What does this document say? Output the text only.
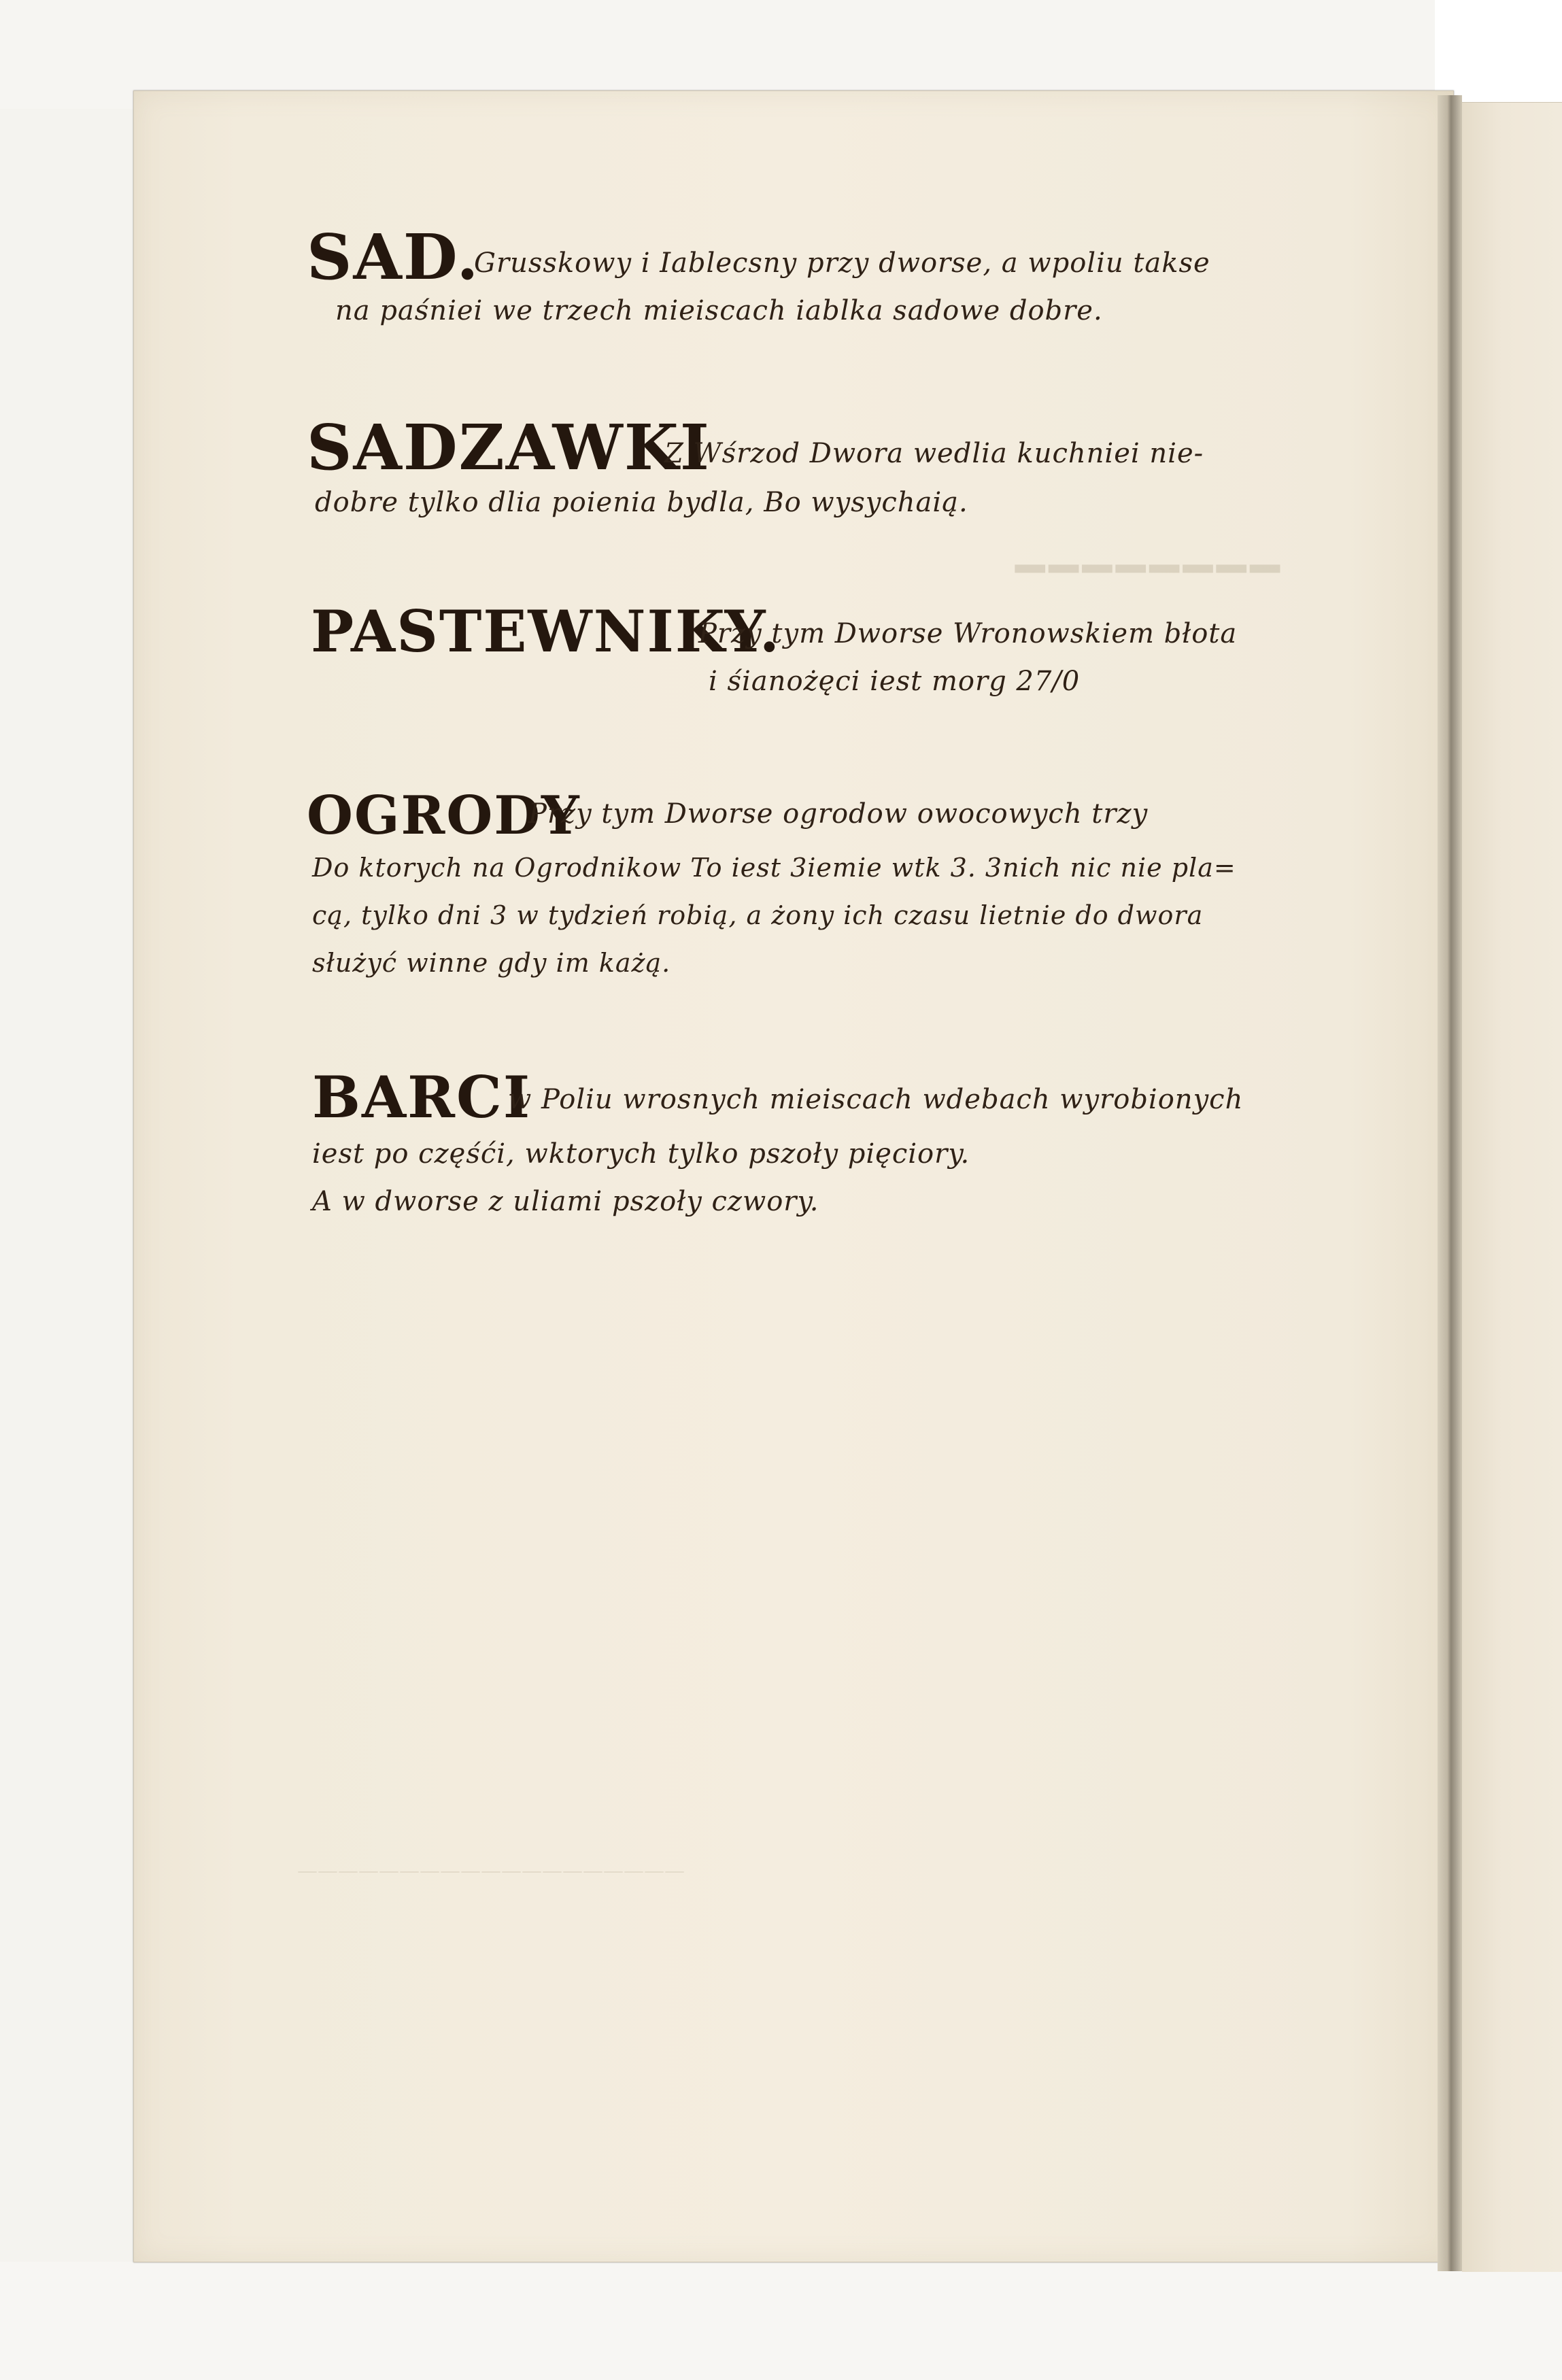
━━━━━━━━
———————————————————
SAD.
Grusskowy i Iablecsny przy dworse, a wpoliu takse
na paśniei we trzech mieiscach iablka sadowe dobre.
SADZAWKI
Z Wśrzod Dwora wedlia kuchniei nie-
dobre tylko dlia poienia bydla, Bo wysychaią.
PASTEWNIKY.
Przy tym Dworse Wronowskiem błota
i śianożęci iest morg 27/0
OGRODY
Przy tym Dworse ogrodow owocowych trzy
Do ktorych na Ogrodnikow To iest 3iemie wtk 3. 3nich nic nie pla=
cą, tylko dni 3 w tydzień robią, a żony ich czasu lietnie do dwora
służyć winne gdy im każą.
BARCI
w Poliu wrosnych mieiscach wdebach wyrobionych
iest po częśći, wktorych tylko pszoły pięciory.
A w dworse z uliami pszoły czwory.
